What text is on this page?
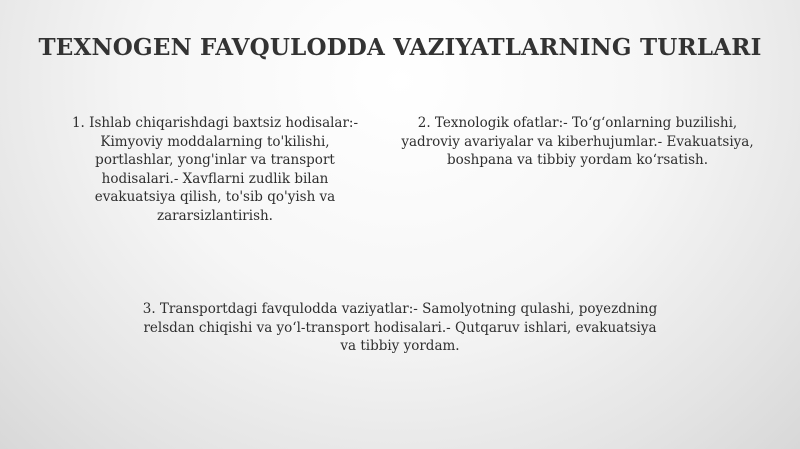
TEXNOGEN FAVQULODDA VAZIYATLARNING TURLARI
1. Ishlab chiqarishdagi baxtsiz hodisalar:- Kimyoviy moddalarning to'kilishi, portlashlar, yong'inlar va transport hodisalari.- Xavflarni zudlik bilan evakuatsiya qilish, to'sib qo'yish va zararsizlantirish.
2. Texnologik ofatlar:- To‘g‘onlarning buzilishi, yadroviy avariyalar va kiberhujumlar.- Evakuatsiya, boshpana va tibbiy yordam ko‘rsatish.
3. Transportdagi favqulodda vaziyatlar:- Samolyotning qulashi, poyezdning relsdan chiqishi va yo‘l-transport hodisalari.- Qutqaruv ishlari, evakuatsiya va tibbiy yordam.
